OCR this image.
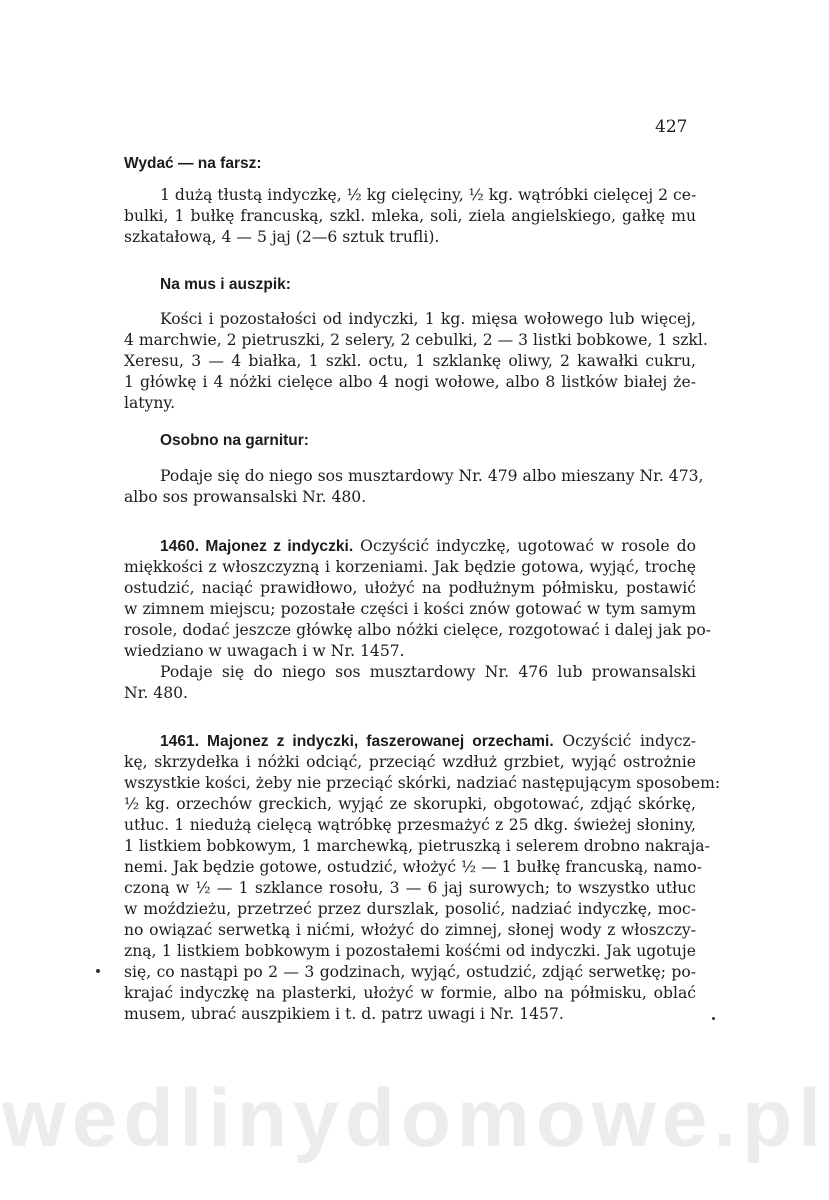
427
Wydać — na farsz:
1 dużą tłustą indyczkę, ½ kg cielęciny, ½ kg. wątróbki cielęcej 2 ce-
bulki, 1 bułkę francuską, szkl. mleka, soli, ziela angielskiego, gałkę mu
szkatałową, 4 — 5 jaj (2—6 sztuk trufli).
Na mus i auszpik:
Kości i pozostałości od indyczki, 1 kg. mięsa wołowego lub więcej,
4 marchwie, 2 pietruszki, 2 selery, 2 cebulki, 2 — 3 listki bobkowe, 1 szkl.
Xeresu, 3 — 4 białka, 1 szkl. octu, 1 szklankę oliwy, 2 kawałki cukru,
1 główkę i 4 nóżki cielęce albo 4 nogi wołowe, albo 8 listków białej że-
latyny.
Osobno na garnitur:
Podaje się do niego sos musztardowy Nr. 479 albo mieszany Nr. 473,
albo sos prowansalski Nr. 480.
1460. Majonez z indyczki. Oczyścić indyczkę, ugotować w rosole do
miękkości z włoszczyzną i korzeniami. Jak będzie gotowa, wyjąć, trochę
ostudzić, naciąć prawidłowo, ułożyć na podłużnym półmisku, postawić
w zimnem miejscu; pozostałe części i kości znów gotować w tym samym
rosole, dodać jeszcze główkę albo nóżki cielęce, rozgotować i dalej jak po-
wiedziano w uwagach i w Nr. 1457.
Podaje się do niego sos musztardowy Nr. 476 lub prowansalski
Nr. 480.
1461. Majonez z indyczki, faszerowanej orzechami. Oczyścić indycz-
kę, skrzydełka i nóżki odciąć, przeciąć wzdłuż grzbiet, wyjąć ostrożnie
wszystkie kości, żeby nie przeciąć skórki, nadziać następującym sposobem:
½ kg. orzechów greckich, wyjąć ze skorupki, obgotować, zdjąć skórkę,
utłuc. 1 niedużą cielęcą wątróbkę przesmażyć z 25 dkg. świeżej słoniny,
1 listkiem bobkowym, 1 marchewką, pietruszką i selerem drobno nakraja-
nemi. Jak będzie gotowe, ostudzić, włożyć ½ — 1 bułkę francuską, namo-
czoną w ½ — 1 szklance rosołu, 3 — 6 jaj surowych; to wszystko utłuc
w moździeżu, przetrzeć przez durszlak, posolić, nadziać indyczkę, moc-
no owiązać serwetką i nićmi, włożyć do zimnej, słonej wody z włoszczy-
zną, 1 listkiem bobkowym i pozostałemi kośćmi od indyczki. Jak ugotuje
się, co nastąpi po 2 — 3 godzinach, wyjąć, ostudzić, zdjąć serwetkę; po-
krajać indyczkę na plasterki, ułożyć w formie, albo na półmisku, oblać
musem, ubrać auszpikiem i t. d. patrz uwagi i Nr. 1457.
wedlinydomowe.pl
